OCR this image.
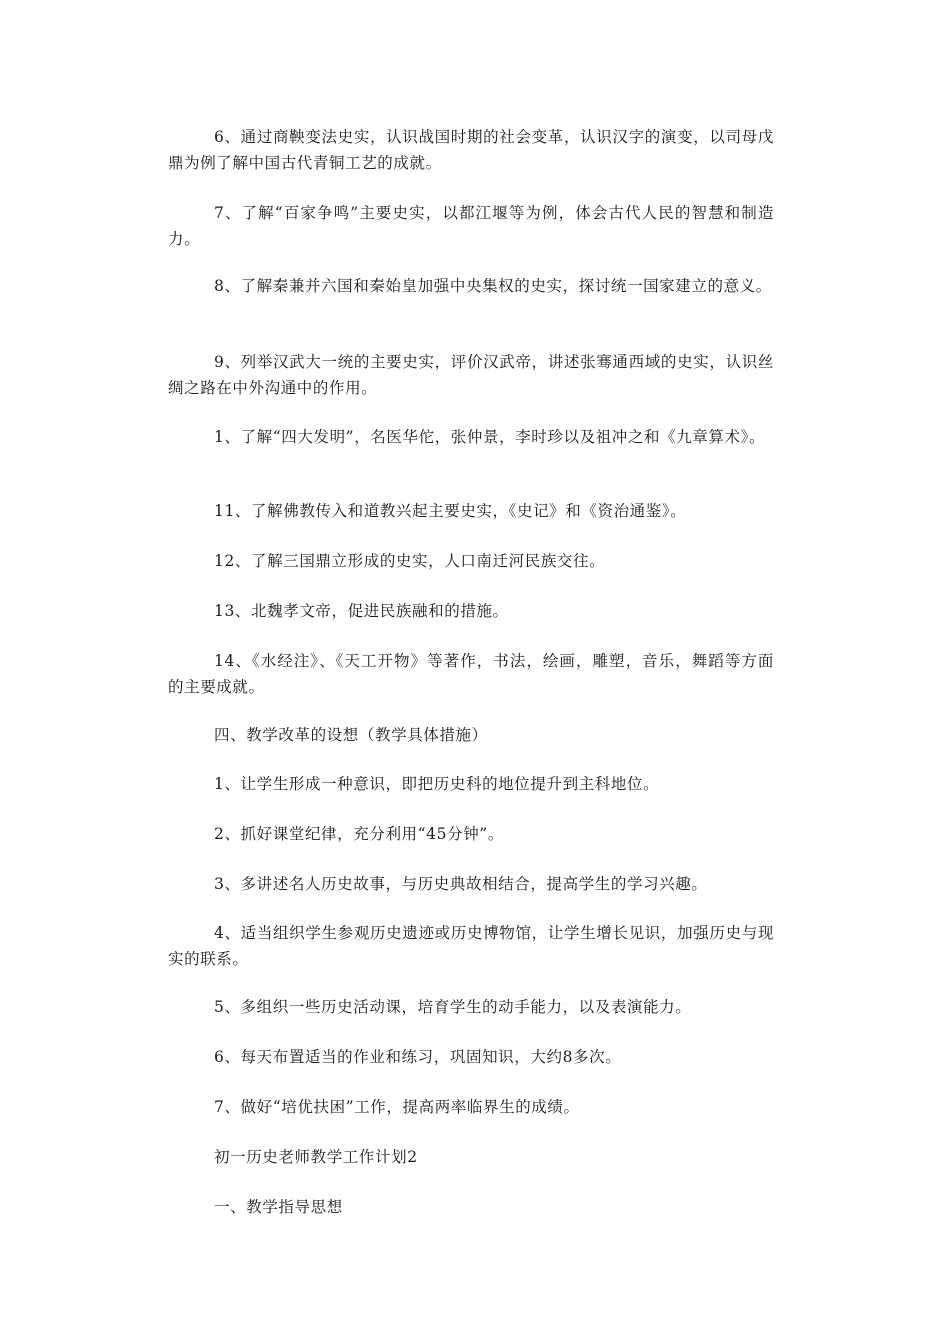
6、通过商鞅变法史实，认识战国时期的社会变革，认识汉字的演变，以司母戊鼎为例了解中国古代青铜工艺的成就。

7、了解“百家争鸣”主要史实，以都江堰等为例，体会古代人民的智慧和制造力。

8、了解秦兼并六国和秦始皇加强中央集权的史实，探讨统一国家建立的意义。

9、列举汉武大一统的主要史实，评价汉武帝，讲述张骞通西域的史实，认识丝绸之路在中外沟通中的作用。

1、了解“四大发明”，名医华佗，张仲景，李时珍以及祖冲之和《九章算术》。

11、了解佛教传入和道教兴起主要史实，《史记》和《资治通鉴》。

12、了解三国鼎立形成的史实，人口南迁河民族交往。

13、北魏孝文帝，促进民族融和的措施。

14、《水经注》、《天工开物》等著作，书法，绘画，雕塑，音乐，舞蹈等方面的主要成就。

四、教学改革的设想（教学具体措施）

1、让学生形成一种意识，即把历史科的地位提升到主科地位。

2、抓好课堂纪律，充分利用“45分钟”。

3、多讲述名人历史故事，与历史典故相结合，提高学生的学习兴趣。

4、适当组织学生参观历史遗迹或历史博物馆，让学生增长见识，加强历史与现实的联系。

5、多组织一些历史活动课，培育学生的动手能力，以及表演能力。

6、每天布置适当的作业和练习，巩固知识，大约8多次。

7、做好“培优扶困”工作，提高两率临界生的成绩。

初一历史老师教学工作计划2

一、教学指导思想
